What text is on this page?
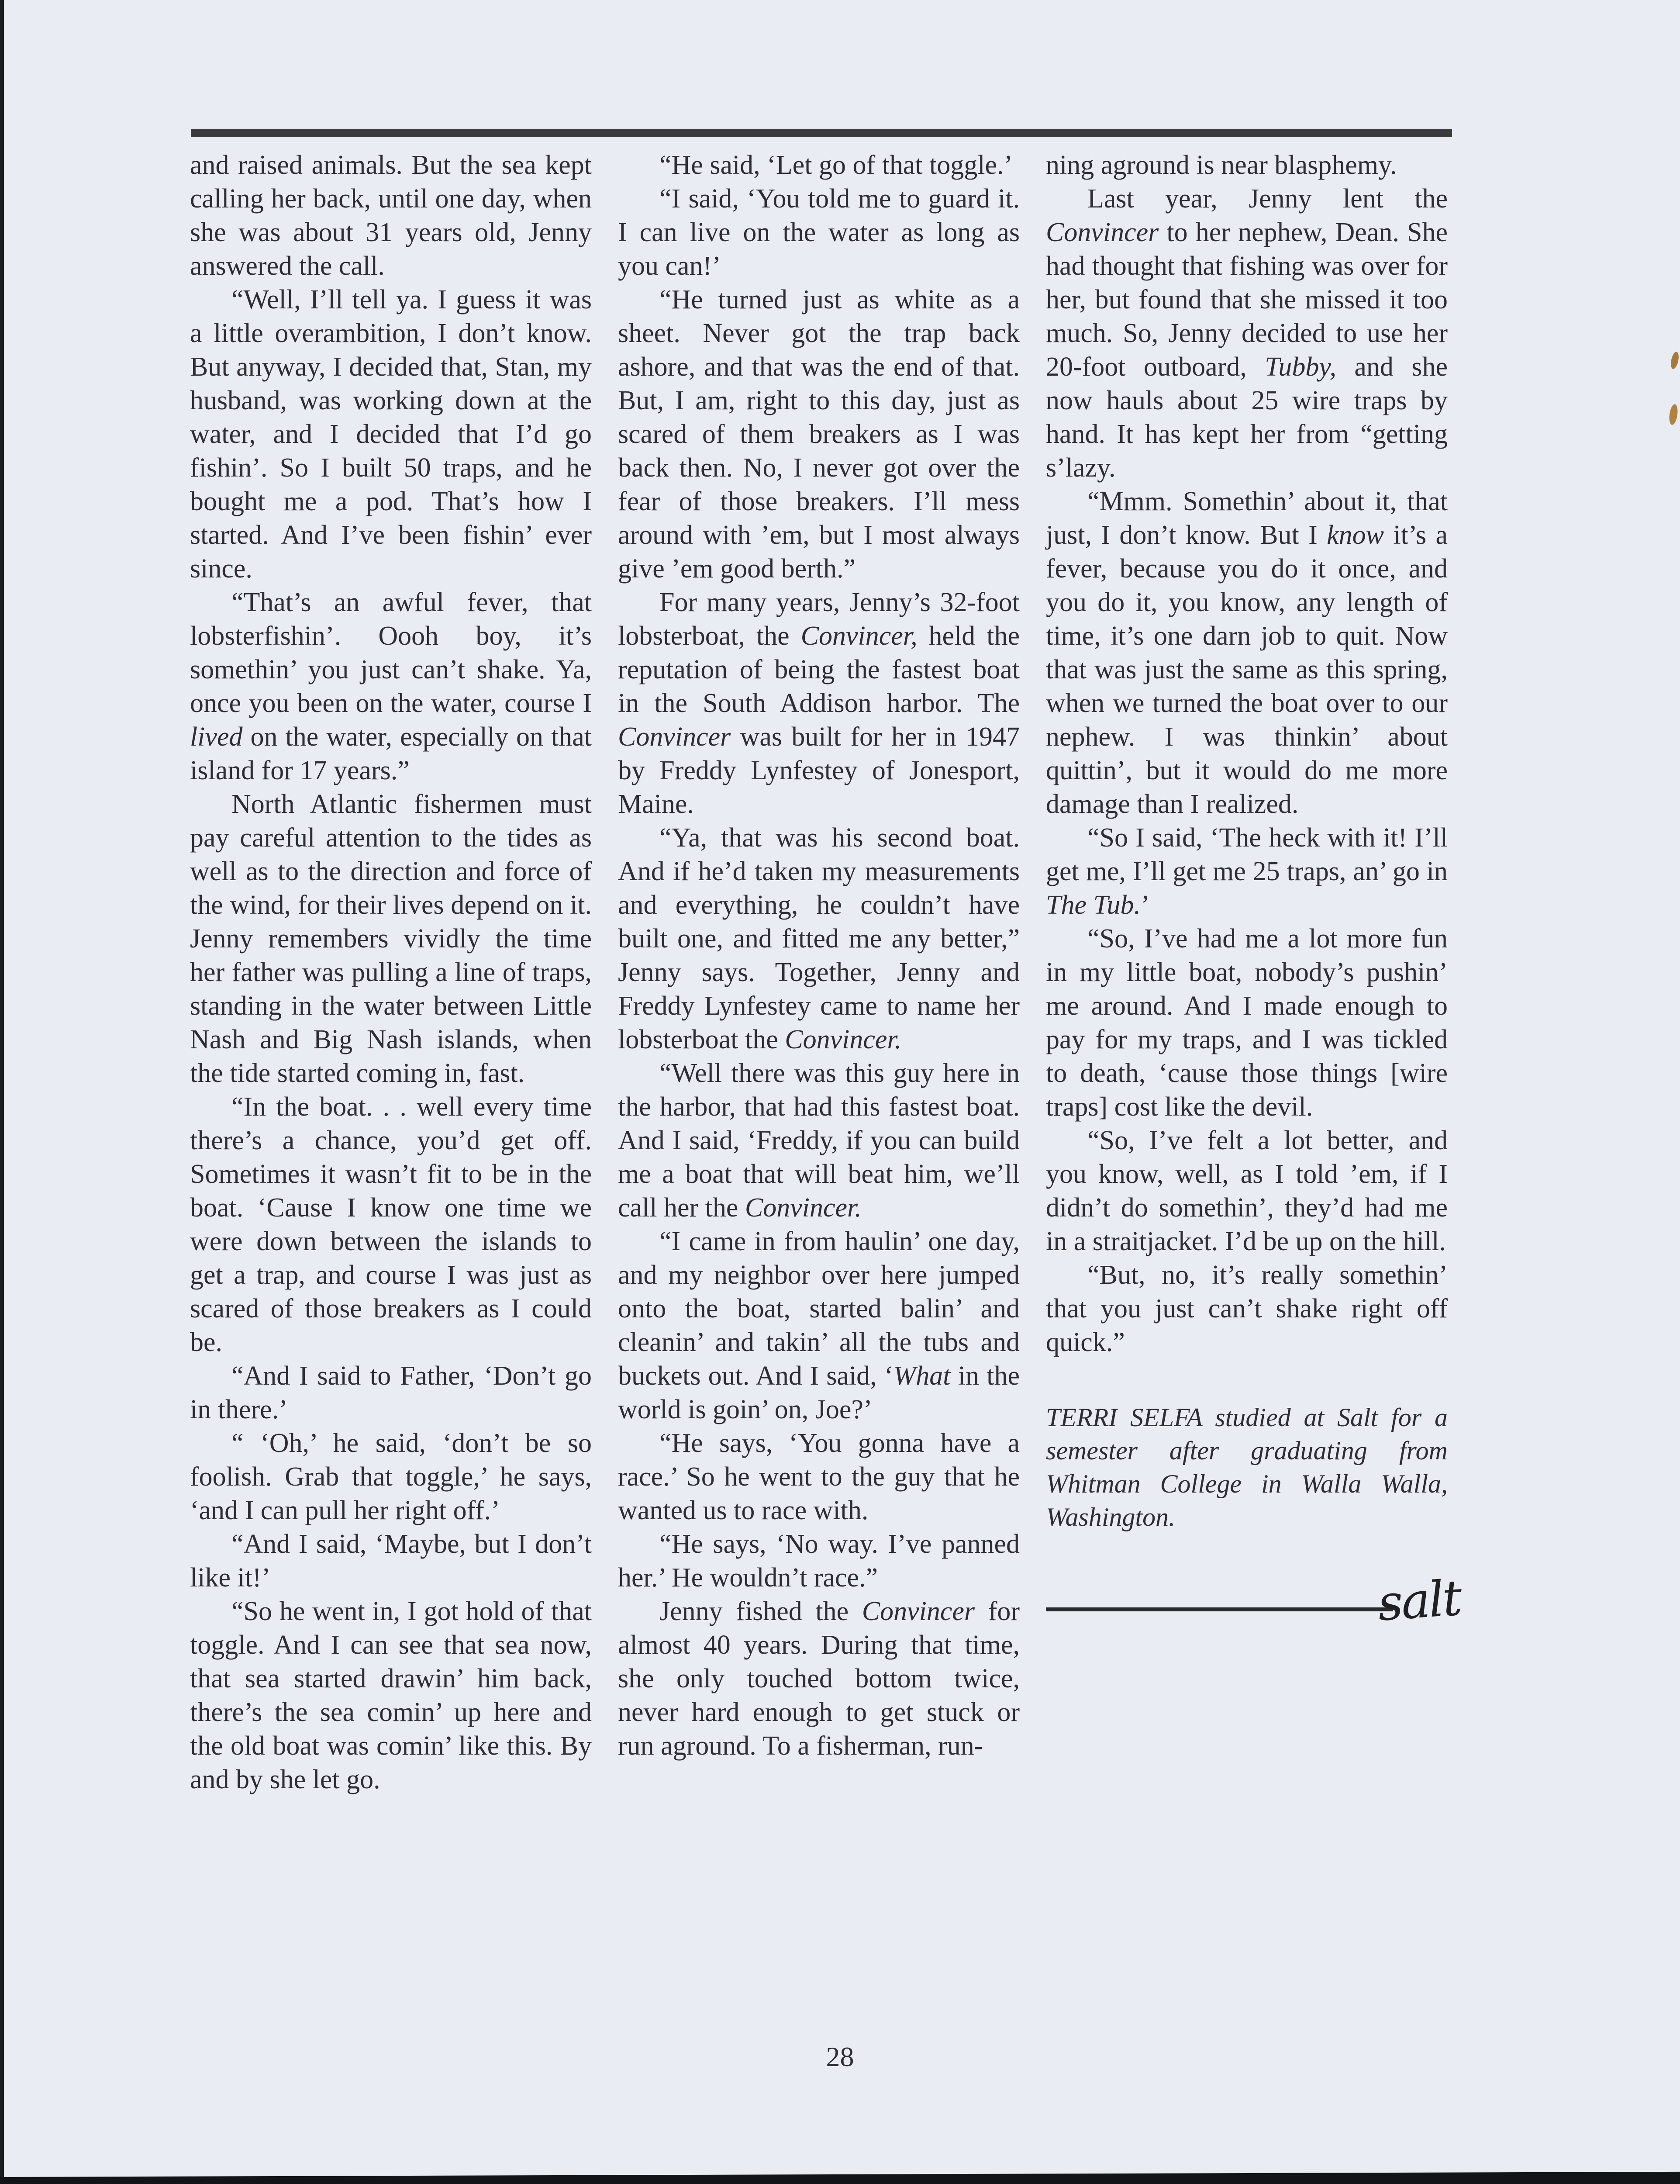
and raised animals. But the sea kept calling her back, until one day, when she was about 31 years old, Jenny answered the call.

“Well, I’ll tell ya. I guess it was a little overambition, I don’t know. But anyway, I decided that, Stan, my husband, was working down at the water, and I decided that I’d go fishin’. So I built 50 traps, and he bought me a pod. That’s how I started. And I’ve been fishin’ ever since.

“That’s an awful fever, that lobsterfishin’. Oooh boy, it’s somethin’ you just can’t shake. Ya, once you been on the water, course I lived on the water, especially on that island for 17 years.”

North Atlantic fishermen must pay careful attention to the tides as well as to the direction and force of the wind, for their lives depend on it. Jenny remembers vividly the time her father was pulling a line of traps, standing in the water between Little Nash and Big Nash islands, when the tide started coming in, fast.

“In the boat. . . well every time there’s a chance, you’d get off. Sometimes it wasn’t fit to be in the boat. ‘Cause I know one time we were down between the islands to get a trap, and course I was just as scared of those breakers as I could be.

“And I said to Father, ‘Don’t go in there.’

“ ‘Oh,’ he said, ‘don’t be so foolish. Grab that toggle,’ he says, ‘and I can pull her right off.’

“And I said, ‘Maybe, but I don’t like it!’

“So he went in, I got hold of that toggle. And I can see that sea now, that sea started drawin’ him back, there’s the sea comin’ up here and the old boat was comin’ like this. By and by she let go.

“He said, ‘Let go of that toggle.’

“I said, ‘You told me to guard it. I can live on the water as long as you can!’

“He turned just as white as a sheet. Never got the trap back ashore, and that was the end of that. But, I am, right to this day, just as scared of them breakers as I was back then. No, I never got over the fear of those breakers. I’ll mess around with ’em, but I most always give ’em good berth.”

For many years, Jenny’s 32-foot lobsterboat, the Convincer, held the reputation of being the fastest boat in the South Addison harbor. The Convincer was built for her in 1947 by Freddy Lynfestey of Jonesport, Maine.

“Ya, that was his second boat. And if he’d taken my measurements and everything, he couldn’t have built one, and fitted me any better,” Jenny says. Together, Jenny and Freddy Lynfestey came to name her lobsterboat the Convincer.

“Well there was this guy here in the harbor, that had this fastest boat. And I said, ‘Freddy, if you can build me a boat that will beat him, we’ll call her the Convincer.

“I came in from haulin’ one day, and my neighbor over here jumped onto the boat, started balin’ and cleanin’ and takin’ all the tubs and buckets out. And I said, ‘What in the world is goin’ on, Joe?’

“He says, ‘You gonna have a race.’ So he went to the guy that he wanted us to race with.

“He says, ‘No way. I’ve panned her.’ He wouldn’t race.”

Jenny fished the Convincer for almost 40 years. During that time, she only touched bottom twice, never hard enough to get stuck or run aground. To a fisherman, run-

ning aground is near blasphemy.

Last year, Jenny lent the Convincer to her nephew, Dean. She had thought that fishing was over for her, but found that she missed it too much. So, Jenny decided to use her 20-foot outboard, Tubby, and she now hauls about 25 wire traps by hand. It has kept her from “getting s’lazy.

“Mmm. Somethin’ about it, that just, I don’t know. But I know it’s a fever, because you do it once, and you do it, you know, any length of time, it’s one darn job to quit. Now that was just the same as this spring, when we turned the boat over to our nephew. I was thinkin’ about quittin’, but it would do me more damage than I realized.

“So I said, ‘The heck with it! I’ll get me, I’ll get me 25 traps, an’ go in The Tub.’

“So, I’ve had me a lot more fun in my little boat, nobody’s pushin’ me around. And I made enough to pay for my traps, and I was tickled to death, ‘cause those things [wire traps] cost like the devil.

“So, I’ve felt a lot better, and you know, well, as I told ’em, if I didn’t do somethin’, they’d had me in a straitjacket. I’d be up on the hill.

“But, no, it’s really somethin’ that you just can’t shake right off quick.”

TERRI SELFA studied at Salt for a semester after graduating from Whitman College in Walla Walla, Washington.

salt
28
